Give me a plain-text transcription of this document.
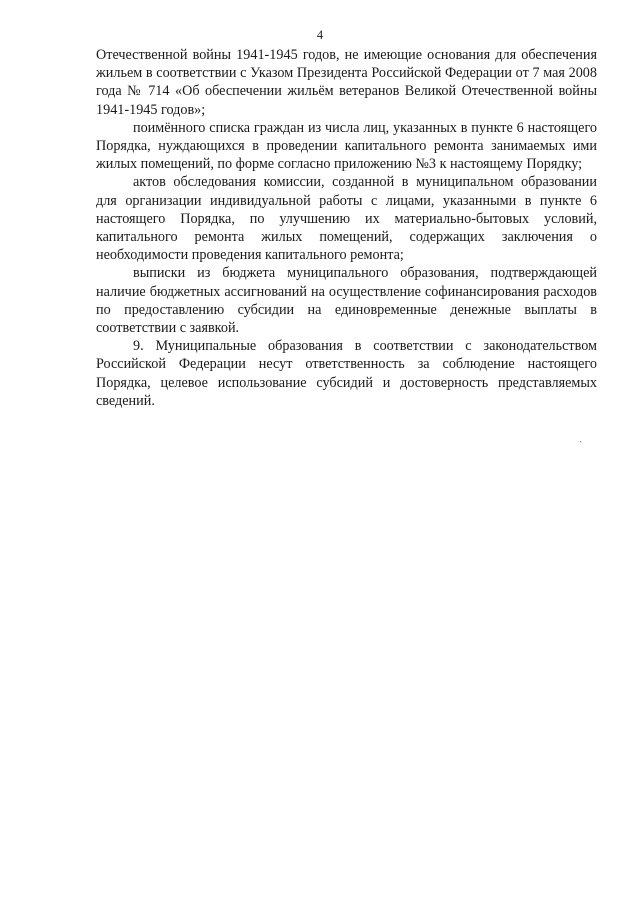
4

Отечественной войны 1941-1945 годов, не имеющие основания для обеспечения жильем в соответствии с Указом Президента Российской Федерации от 7 мая 2008 года № 714 «Об обеспечении жильём ветеранов Великой Отечественной войны 1941-1945 годов»;

поимённого списка граждан из числа лиц, указанных в пункте 6 настоящего Порядка, нуждающихся в проведении капитального ремонта занимаемых ими жилых помещений, по форме согласно приложению №3 к настоящему Порядку;

актов обследования комиссии, созданной в муниципальном образовании для организации индивидуальной работы с лицами, указанными в пункте 6 настоящего Порядка, по улучшению их материально-бытовых условий, капитального ремонта жилых помещений, содержащих заключения о необходимости проведения капитального ремонта;

выписки из бюджета муниципального образования, подтверждающей наличие бюджетных ассигнований на осуществление софинансирования расходов по предоставлению субсидии на единовременные денежные выплаты в соответствии с заявкой.

9. Муниципальные образования в соответствии с законодательством Российской Федерации несут ответственность за соблюдение настоящего Порядка, целевое использование субсидий и достоверность представляемых сведений.

ˏ
